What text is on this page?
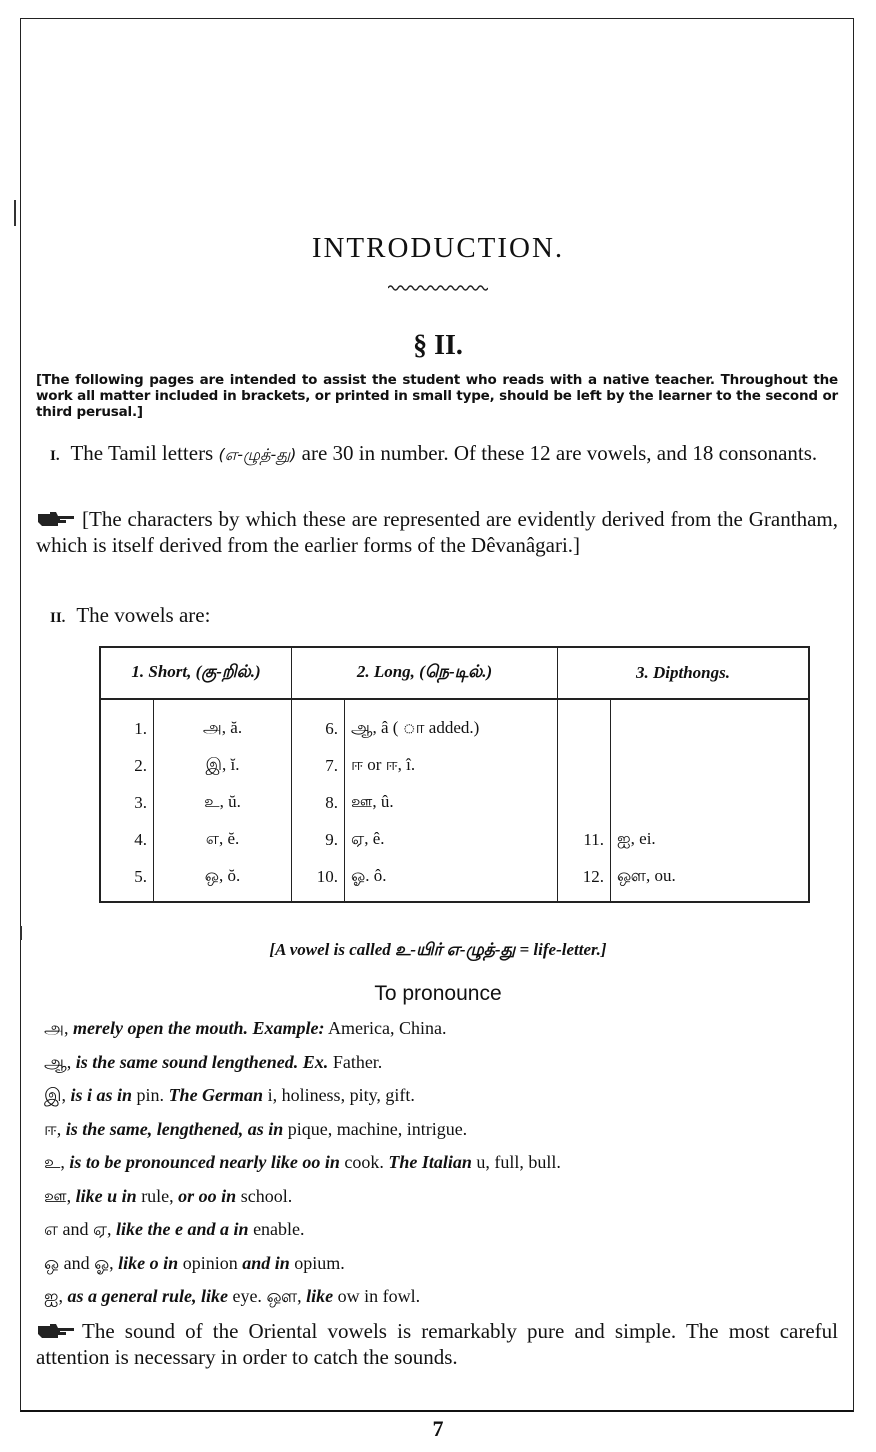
INTRODUCTION.
§ II.
[The following pages are intended to assist the student who reads with a native teacher. Throughout the work all matter included in brackets, or printed in small type, should be left by the learner to the second or third perusal.]
I. The Tamil letters (எ-ழுத்-து) are 30 in number. Of these 12 are vowels, and 18 consonants.
[The characters by which these are represented are evidently derived from the Grantham, which is itself derived from the earlier forms of the Dêvanâgari.]
II. The vowels are:
1. Short, (கு-றில்.)		2. Long, (நெ-டில்.)		3. Dipthongs.	
1.	அ, ă.	6.	ஆ, â ( ா added.)		
2.	இ, ĭ.	7.	ஈ or ஈ, î.		
3.	உ, ŭ.	8.	ஊ, û.		
4.	எ, ĕ.	9.	ஏ, ê.	11.	ஐ, ei.
5.	ஒ, ŏ.	10.	ஓ. ô.	12.	ஔ, ou.
[A vowel is called உ-யிர் எ-ழுத்-து = life-letter.]
To pronounce
அ, merely open the mouth. Example: America, China.
ஆ, is the same sound lengthened. Ex. Father.
இ, is i as in pin. The German i, holiness, pity, gift.
ஈ, is the same, lengthened, as in pique, machine, intrigue.
உ, is to be pronounced nearly like oo in cook. The Italian u, full, bull.
ஊ, like u in rule, or oo in school.
எ and ஏ, like the e and a in enable.
ஒ and ஓ, like o in opinion and in opium.
ஐ, as a general rule, like eye. ஔ, like ow in fowl.
The sound of the Oriental vowels is remarkably pure and simple. The most careful attention is necessary in order to catch the sounds.
7
